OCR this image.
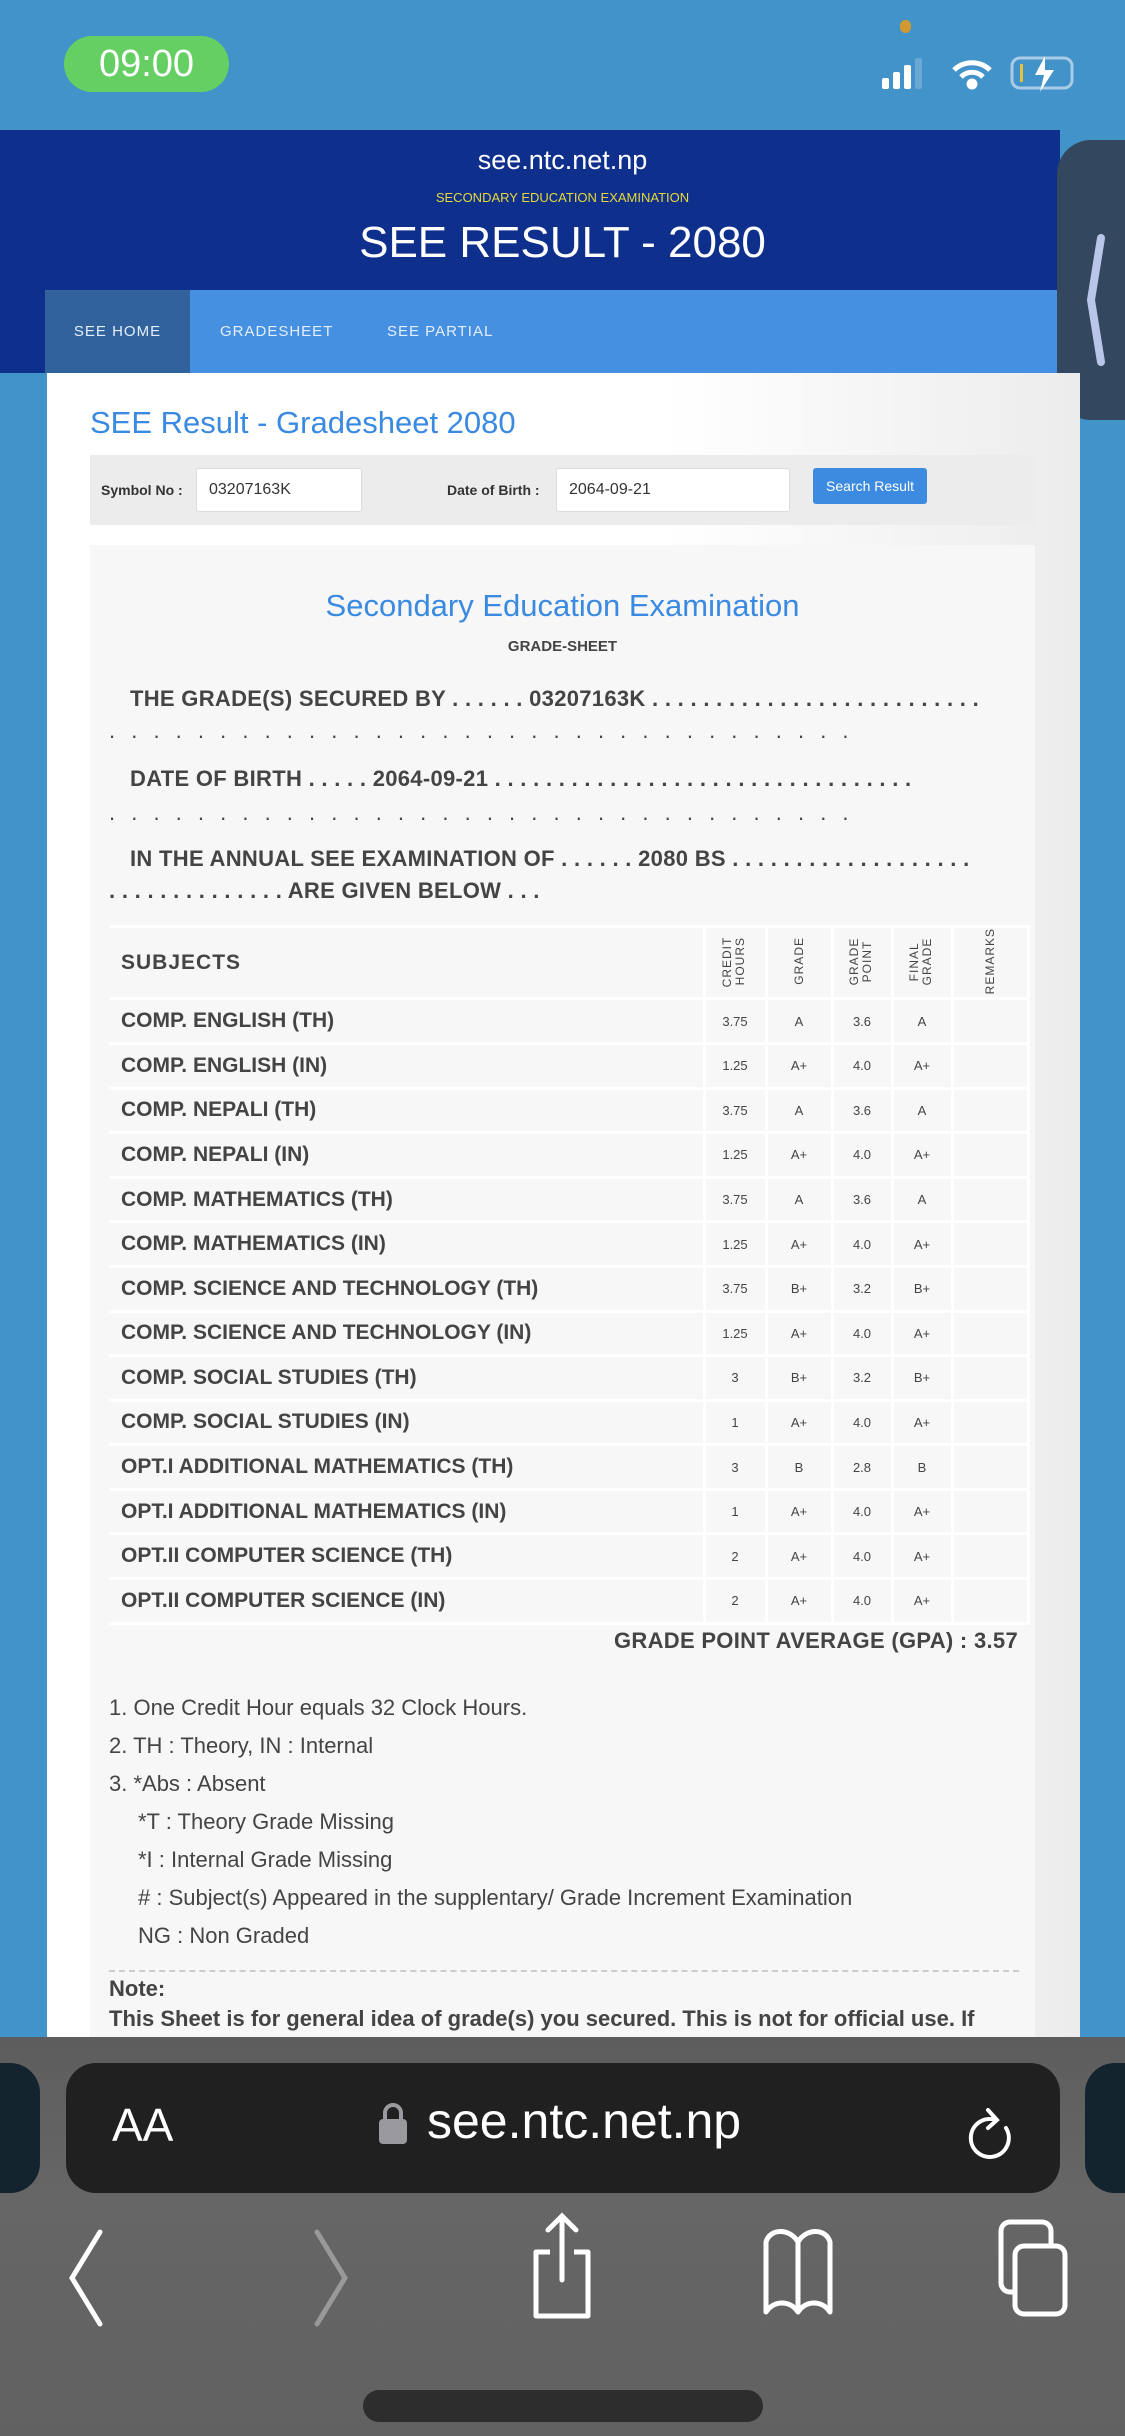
09:00
see.ntc.net.np
SECONDARY EDUCATION EXAMINATION
SEE RESULT - 2080
SEE HOME	GRADESHEET	SEE PARTIAL
SEE Result - Gradesheet 2080
Symbol No :	03207163K	Date of Birth :	2064-09-21	Search Result
Secondary Education Examination
GRADE-SHEET
THE GRADE(S) SECURED BY . . . . . . 03207163K . . . . . . . . . . . . . . . . . . . . . . . . . .
. . . . . . . . . . . . . . . . . . . . . . . . . . . . . . . . . .
DATE OF BIRTH . . . . . 2064-09-21 . . . . . . . . . . . . . . . . . . . . . . . . . . . . . . . . .
. . . . . . . . . . . . . . . . . . . . . . . . . . . . . . . . . .
IN THE ANNUAL SEE EXAMINATION OF . . . . . . 2080 BS . . . . . . . . . . . . . . . . . . .
. . . . . . . . . . . . . . ARE GIVEN BELOW . . .
SUBJECTS	CREDIT HOURS	GRADE	GRADE POINT	FINAL GRADE	REMARKS
COMP. ENGLISH (TH)	3.75	A	3.6	A	
COMP. ENGLISH (IN)	1.25	A+	4.0	A+	
COMP. NEPALI (TH)	3.75	A	3.6	A	
COMP. NEPALI (IN)	1.25	A+	4.0	A+	
COMP. MATHEMATICS (TH)	3.75	A	3.6	A	
COMP. MATHEMATICS (IN)	1.25	A+	4.0	A+	
COMP. SCIENCE AND TECHNOLOGY (TH)	3.75	B+	3.2	B+	
COMP. SCIENCE AND TECHNOLOGY (IN)	1.25	A+	4.0	A+	
COMP. SOCIAL STUDIES (TH)	3	B+	3.2	B+	
COMP. SOCIAL STUDIES (IN)	1	A+	4.0	A+	
OPT.I ADDITIONAL MATHEMATICS (TH)	3	B	2.8	B	
OPT.I ADDITIONAL MATHEMATICS (IN)	1	A+	4.0	A+	
OPT.II COMPUTER SCIENCE (TH)	2	A+	4.0	A+	
OPT.II COMPUTER SCIENCE (IN)	2	A+	4.0	A+	
GRADE POINT AVERAGE (GPA) : 3.57
1. One Credit Hour equals 32 Clock Hours.
2. TH : Theory, IN : Internal
3. *Abs : Absent
*T : Theory Grade Missing
*I : Internal Grade Missing
# : Subject(s) Appeared in the supplentary/ Grade Increment Examination
NG : Non Graded
Note:
This Sheet is for general idea of grade(s) you secured. This is not for official use. If
AA	see.ntc.net.np
